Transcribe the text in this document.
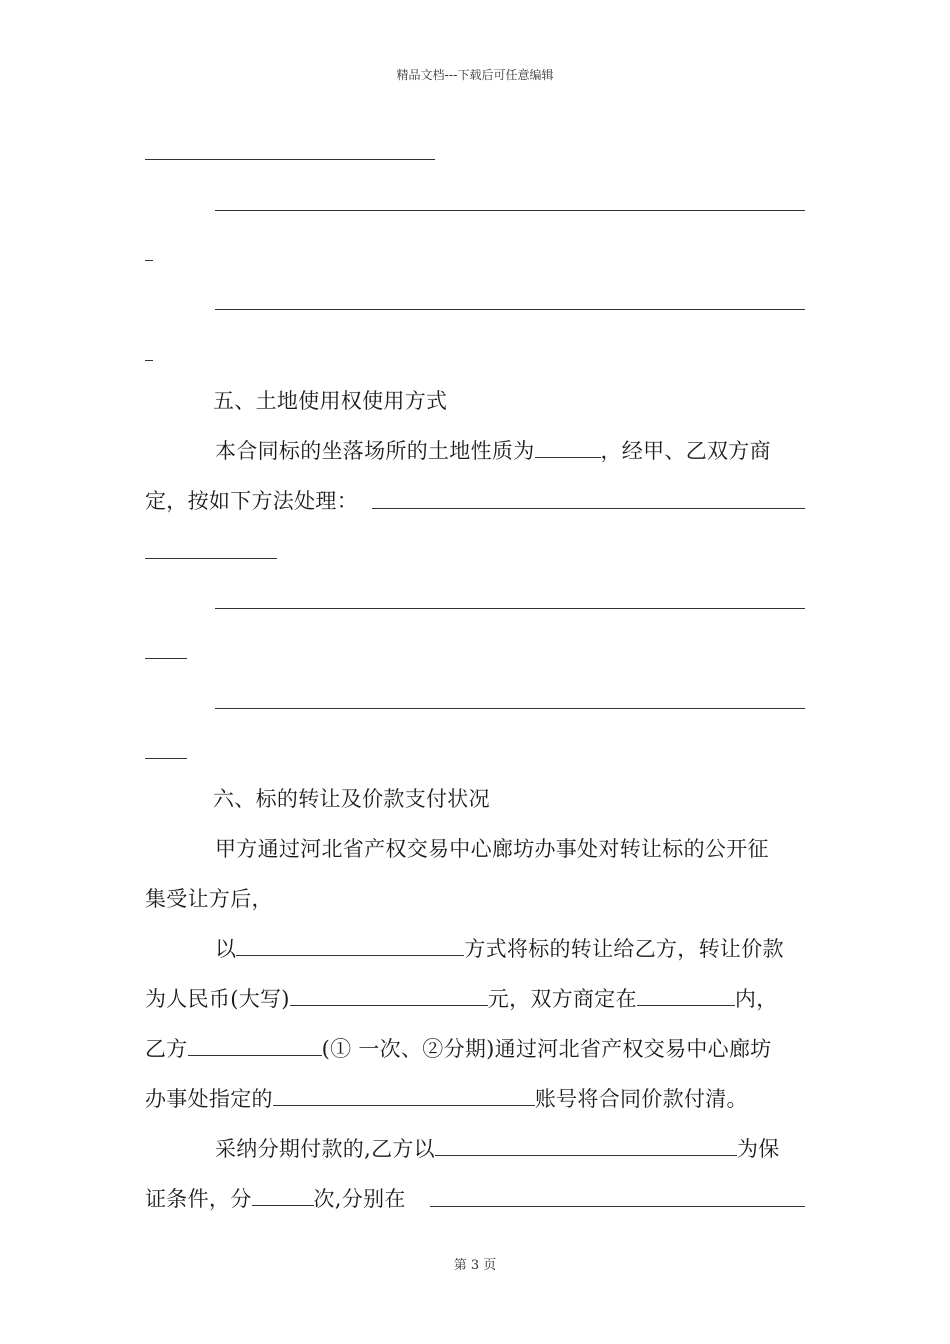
精品文档---下载后可任意编辑
五、土地使用权使用方式
本合同标的坐落场所的土地性质为	，经甲、乙双方商
定，按如下方法处理：
六、标的转让及价款支付状况
甲方通过河北省产权交易中心廊坊办事处对转让标的公开征
集受让方后，
以	方式将标的转让给乙方，转让价款
为人民币(大写)	元，双方商定在	内，
乙方	(① 一次、②分期)通过河北省产权交易中心廊坊
办事处指定的	账号将合同价款付清。
采纳分期付款的,乙方以	为保
证条件，分	次,分别在
第 3 页
